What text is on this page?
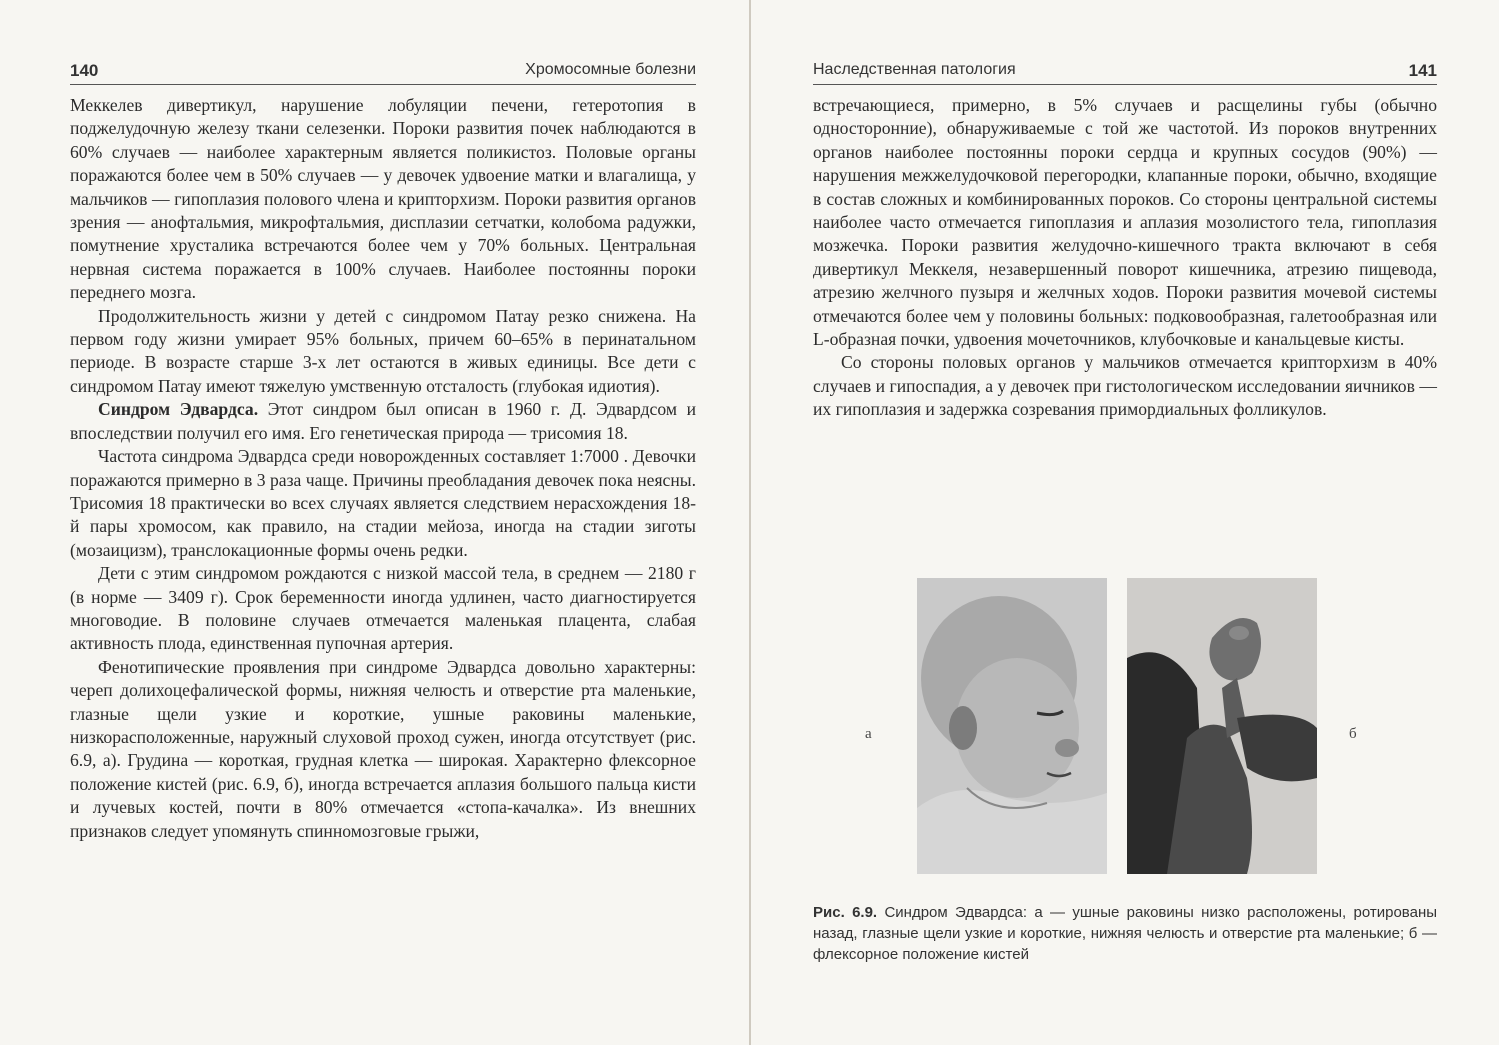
140	Хромосомные болезни

Меккелев дивертикул, нарушение лобуляции печени, гетеротопия в поджелудочную железу ткани селезенки. Пороки развития почек наблюдаются в 60% случаев — наиболее характерным является поликистоз. Половые органы поражаются более чем в 50% случаев — у девочек удвоение матки и влагалища, у мальчиков — гипоплазия полового члена и крипторхизм. Пороки развития органов зрения — анофтальмия, микрофтальмия, дисплазии сетчатки, колобома радужки, помутнение хрусталика встречаются более чем у 70% больных. Центральная нервная система поражается в 100% случаев. Наиболее постоянны пороки переднего мозга.

Продолжительность жизни у детей с синдромом Патау резко снижена. На первом году жизни умирает 95% больных, причем 60–65% в перинатальном периоде. В возрасте старше 3-х лет остаются в живых единицы. Все дети с синдромом Патау имеют тяжелую умственную отсталость (глубокая идиотия).

Синдром Эдвардса. Этот синдром был описан в 1960 г. Д. Эдвардсом и впоследствии получил его имя. Его генетическая природа — трисомия 18.

Частота синдрома Эдвардса среди новорожденных составляет 1:7000 . Девочки поражаются примерно в 3 раза чаще. Причины преобладания девочек пока неясны. Трисомия 18 практически во всех случаях является следствием нерасхождения 18-й пары хромосом, как правило, на стадии мейоза, иногда на стадии зиготы (мозаицизм), транслокационные формы очень редки.

Дети с этим синдромом рождаются с низкой массой тела, в среднем — 2180 г (в норме — 3409 г). Срок беременности иногда удлинен, часто диагностируется многоводие. В половине случаев отмечается маленькая плацента, слабая активность плода, единственная пупочная артерия.

Фенотипические проявления при синдроме Эдвардса довольно характерны: череп долихоцефалической формы, нижняя челюсть и отверстие рта маленькие, глазные щели узкие и короткие, ушные раковины маленькие, низкорасположенные, наружный слуховой проход сужен, иногда отсутствует (рис. 6.9, а). Грудина — короткая, грудная клетка — широкая. Характерно флексорное положение кистей (рис. 6.9, б), иногда встречается аплазия большого пальца кисти и лучевых костей, почти в 80% отмечается «стопа-качалка». Из внешних признаков следует упомянуть спинномозговые грыжи,

Наследственная патология	141

встречающиеся, примерно, в 5% случаев и расщелины губы (обычно односторонние), обнаруживаемые с той же частотой. Из пороков внутренних органов наиболее постоянны пороки сердца и крупных сосудов (90%) — нарушения межжелудочковой перегородки, клапанные пороки, обычно, входящие в состав сложных и комбинированных пороков. Со стороны центральной системы наиболее часто отмечается гипоплазия и аплазия мозолистого тела, гипоплазия мозжечка. Пороки развития желудочно-кишечного тракта включают в себя дивертикул Меккеля, незавершенный поворот кишечника, атрезию пищевода, атрезию желчного пузыря и желчных ходов. Пороки развития мочевой системы отмечаются более чем у половины больных: подковообразная, галетообразная или L-образная почки, удвоения мочеточников, клубочковые и канальцевые кисты.

Со стороны половых органов у мальчиков отмечается крипторхизм в 40% случаев и гипоспадия, а у девочек при гистологическом исследовании яичников — их гипоплазия и задержка созревания примордиальных фолликулов.

а	б
Рис. 6.9. Синдром Эдвардса: а — ушные раковины низко расположены, ротированы назад, глазные щели узкие и короткие, нижняя челюсть и отверстие рта маленькие; б — флексорное положение кистей
